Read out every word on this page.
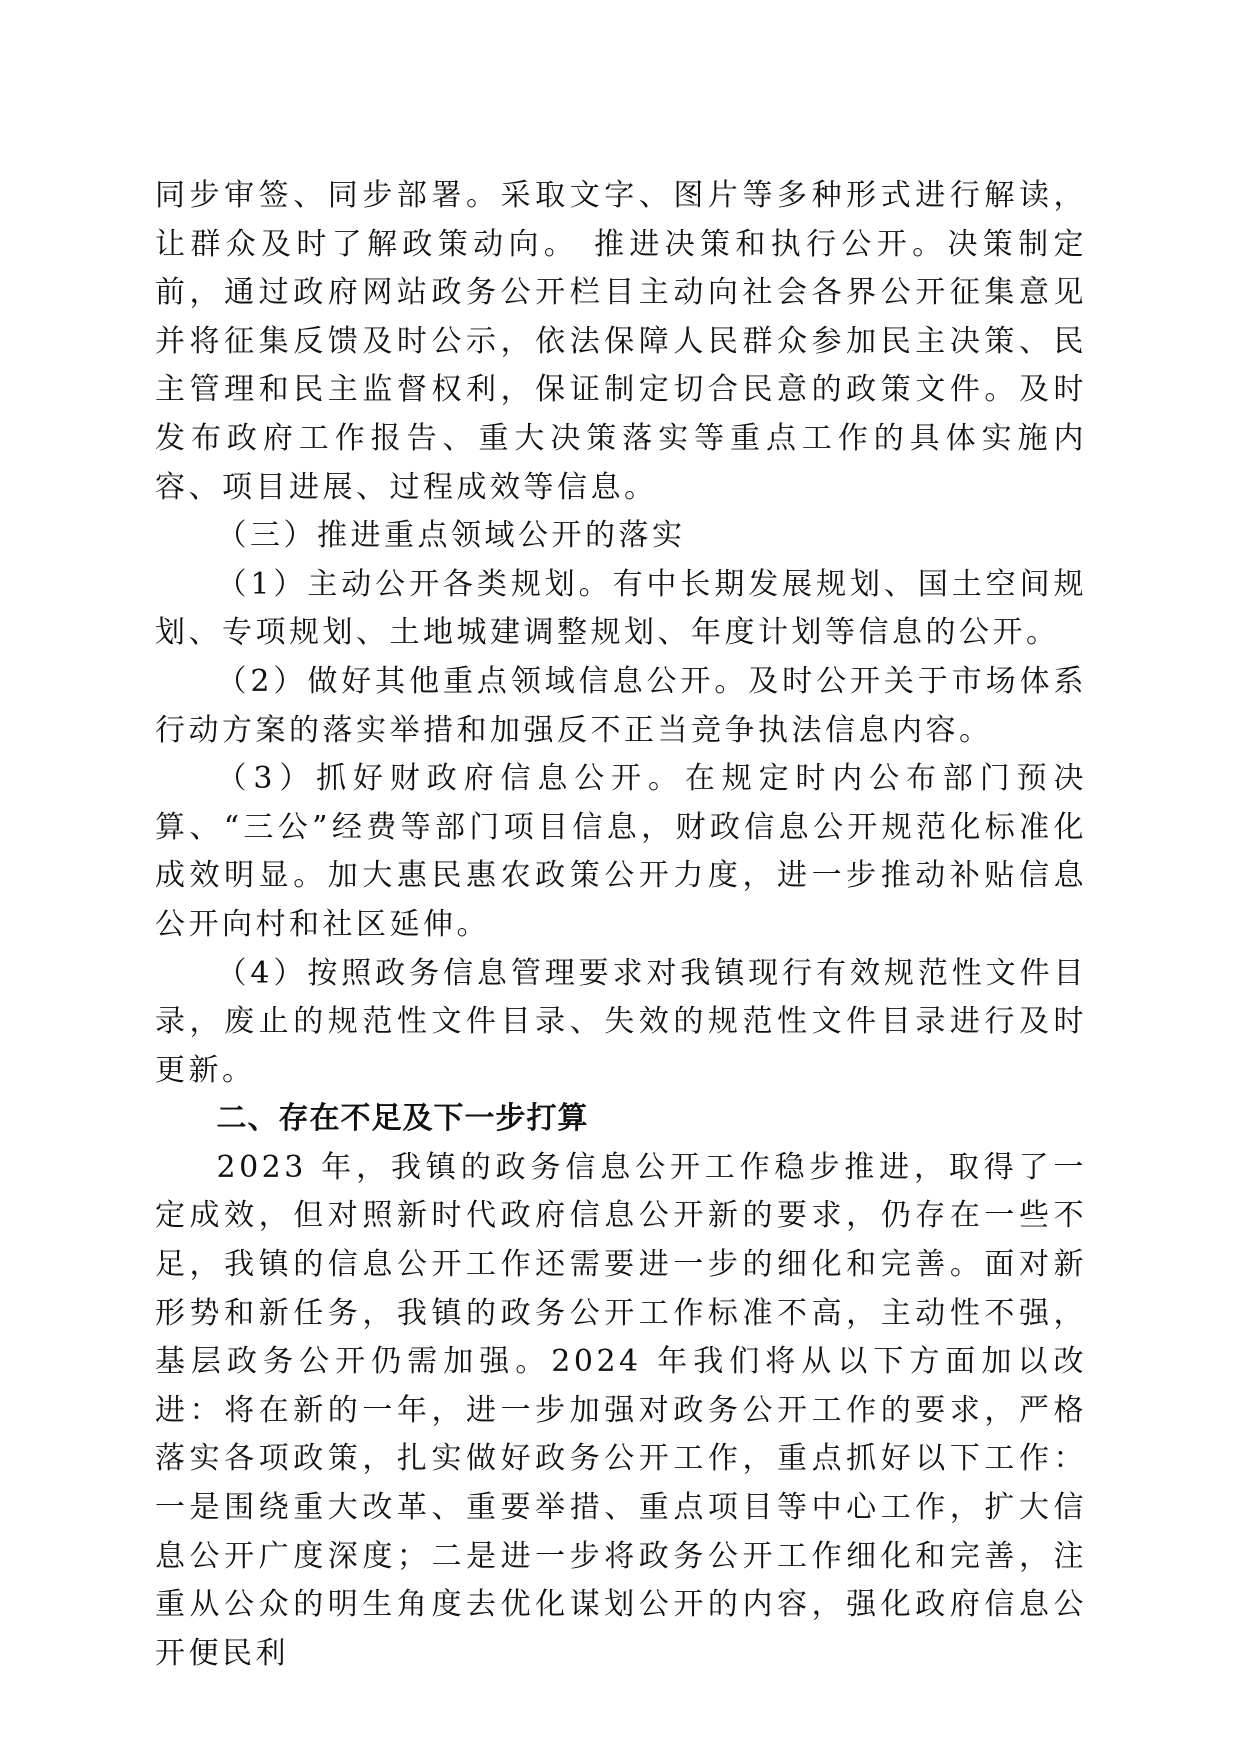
同步审签、同步部署。采取文字、图片等多种形式进行解读，让群众及时了解政策动向。 推进决策和执行公开。决策制定前，通过政府网站政务公开栏目主动向社会各界公开征集意见并将征集反馈及时公示，依法保障人民群众参加民主决策、民主管理和民主监督权利，保证制定切合民意的政策文件。及时发布政府工作报告、重大决策落实等重点工作的具体实施内容、项目进展、过程成效等信息。

（三）推进重点领域公开的落实

（1）主动公开各类规划。有中长期发展规划、国土空间规划、专项规划、土地城建调整规划、年度计划等信息的公开。

（2）做好其他重点领域信息公开。及时公开关于市场体系行动方案的落实举措和加强反不正当竞争执法信息内容。

（3）抓好财政府信息公开。在规定时内公布部门预决算、“三公”经费等部门项目信息，财政信息公开规范化标准化成效明显。加大惠民惠农政策公开力度，进一步推动补贴信息公开向村和社区延伸。

（4）按照政务信息管理要求对我镇现行有效规范性文件目录，废止的规范性文件目录、失效的规范性文件目录进行及时更新。

二、存在不足及下一步打算

2023 年，我镇的政务信息公开工作稳步推进，取得了一定成效，但对照新时代政府信息公开新的要求，仍存在一些不足，我镇的信息公开工作还需要进一步的细化和完善。面对新形势和新任务，我镇的政务公开工作标准不高，主动性不强，基层政务公开仍需加强。2024 年我们将从以下方面加以改进：将在新的一年，进一步加强对政务公开工作的要求，严格落实各项政策，扎实做好政务公开工作，重点抓好以下工作：一是围绕重大改革、重要举措、重点项目等中心工作，扩大信息公开广度深度；二是进一步将政务公开工作细化和完善，注重从公众的明生角度去优化谋划公开的内容，强化政府信息公开便民利
